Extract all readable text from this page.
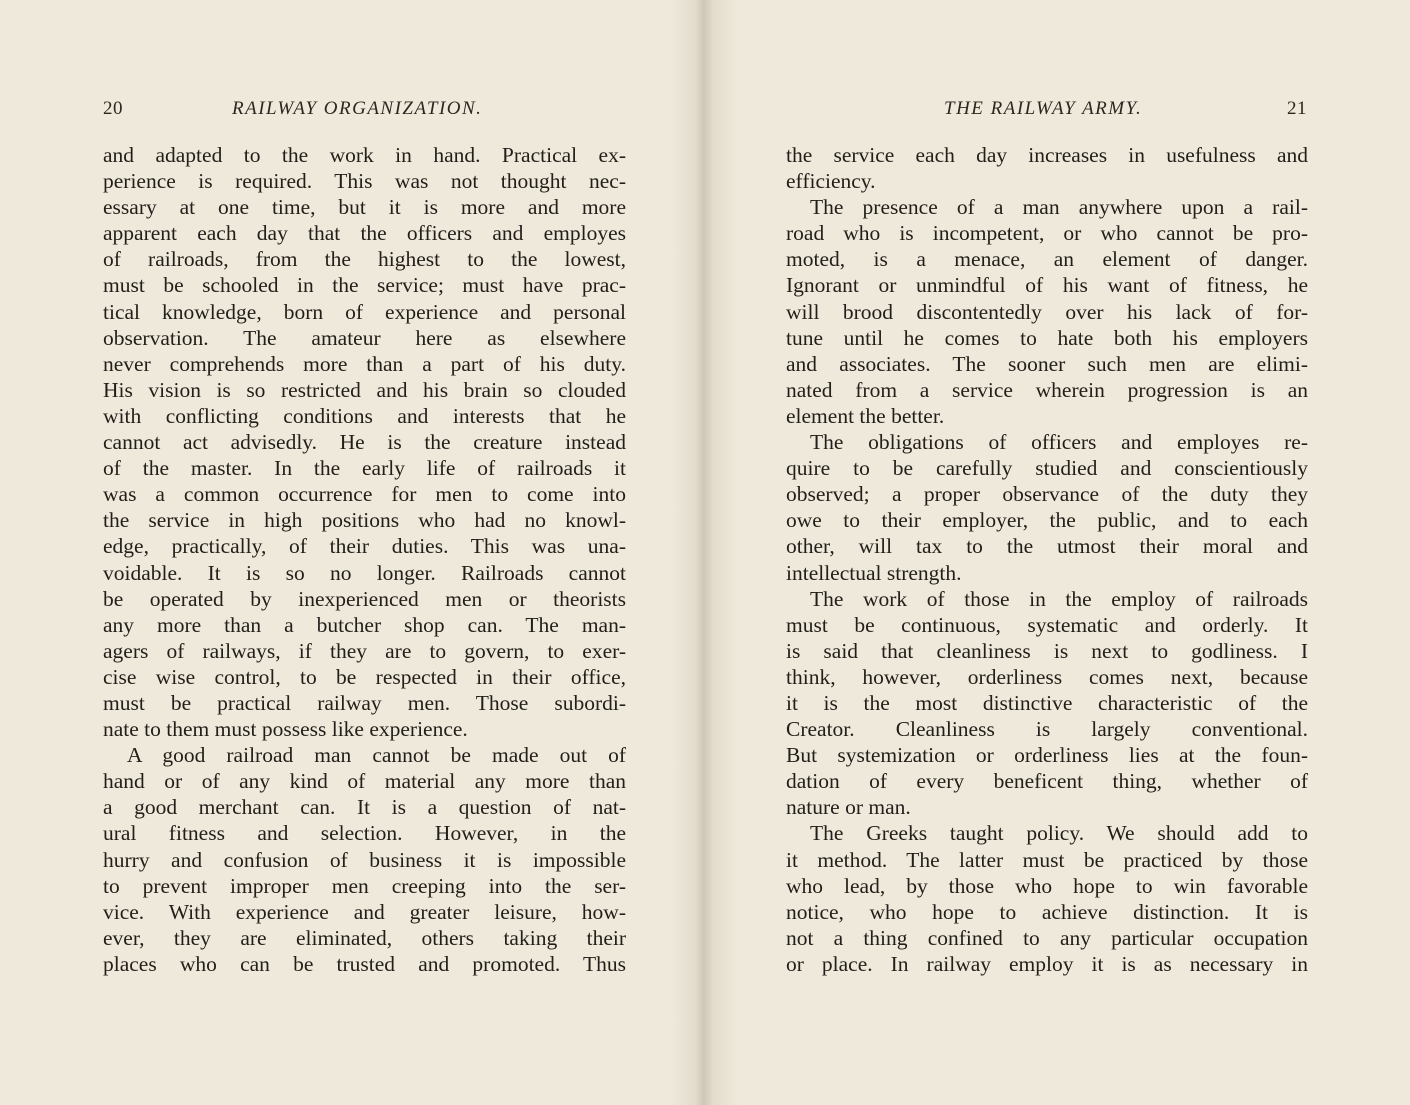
20	RAILWAY ORGANIZATION.
and adapted to the work in hand. Practical ex-
perience is required. This was not thought nec-
essary at one time, but it is more and more
apparent each day that the officers and employes
of railroads, from the highest to the lowest,
must be schooled in the service; must have prac-
tical knowledge, born of experience and personal
observation. The amateur here as elsewhere
never comprehends more than a part of his duty.
His vision is so restricted and his brain so clouded
with conflicting conditions and interests that he
cannot act advisedly. He is the creature instead
of the master. In the early life of railroads it
was a common occurrence for men to come into
the service in high positions who had no knowl-
edge, practically, of their duties. This was una-
voidable. It is so no longer. Railroads cannot
be operated by inexperienced men or theorists
any more than a butcher shop can. The man-
agers of railways, if they are to govern, to exer-
cise wise control, to be respected in their office,
must be practical railway men. Those subordi-
nate to them must possess like experience.
A good railroad man cannot be made out of
hand or of any kind of material any more than
a good merchant can. It is a question of nat-
ural fitness and selection. However, in the
hurry and confusion of business it is impossible
to prevent improper men creeping into the ser-
vice. With experience and greater leisure, how-
ever, they are eliminated, others taking their
places who can be trusted and promoted. Thus
THE RAILWAY ARMY.	21
the service each day increases in usefulness and
efficiency.
The presence of a man anywhere upon a rail-
road who is incompetent, or who cannot be pro-
moted, is a menace, an element of danger.
Ignorant or unmindful of his want of fitness, he
will brood discontentedly over his lack of for-
tune until he comes to hate both his employers
and associates. The sooner such men are elimi-
nated from a service wherein progression is an
element the better.
The obligations of officers and employes re-
quire to be carefully studied and conscientiously
observed; a proper observance of the duty they
owe to their employer, the public, and to each
other, will tax to the utmost their moral and
intellectual strength.
The work of those in the employ of railroads
must be continuous, systematic and orderly. It
is said that cleanliness is next to godliness. I
think, however, orderliness comes next, because
it is the most distinctive characteristic of the
Creator. Cleanliness is largely conventional.
But systemization or orderliness lies at the foun-
dation of every beneficent thing, whether of
nature or man.
The Greeks taught policy. We should add to
it method. The latter must be practiced by those
who lead, by those who hope to win favorable
notice, who hope to achieve distinction. It is
not a thing confined to any particular occupation
or place. In railway employ it is as necessary in
